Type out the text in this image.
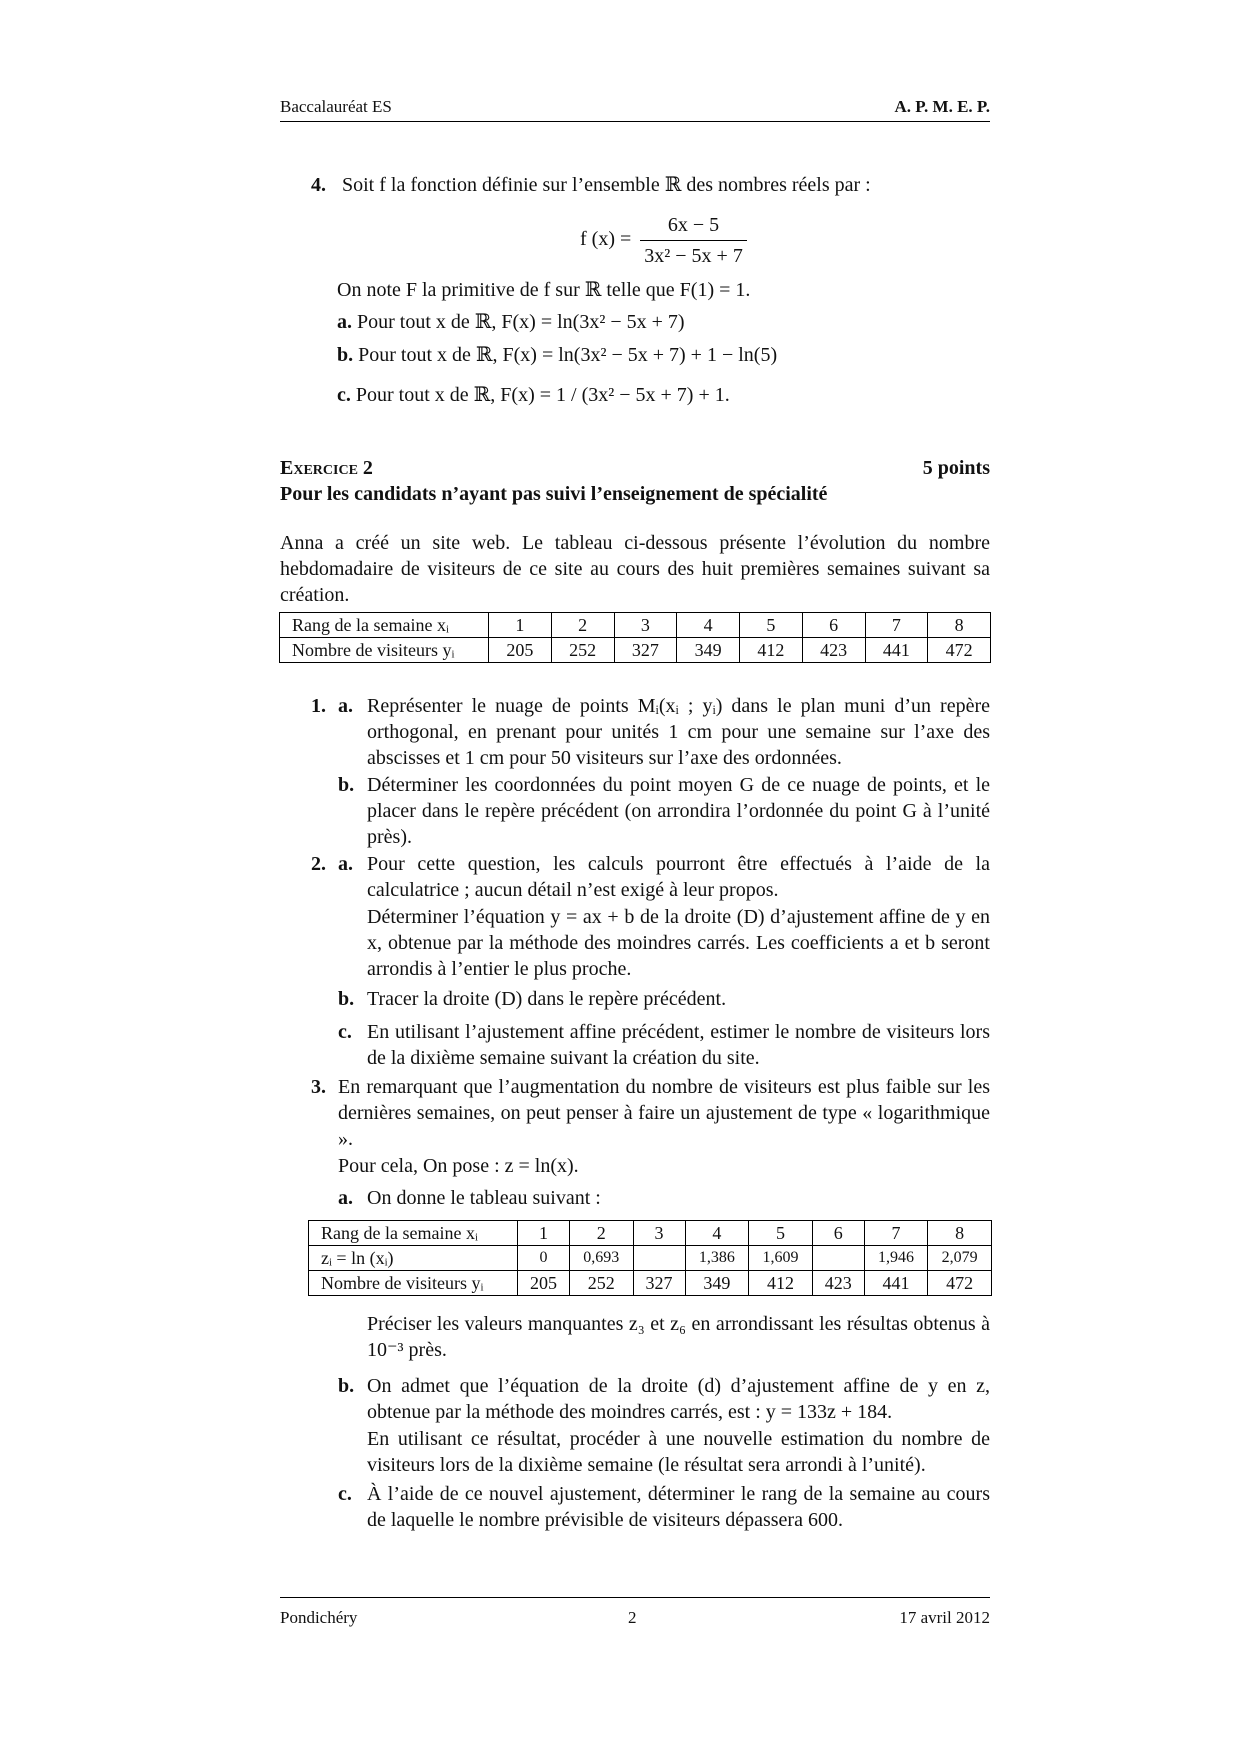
Baccalauréat ES	A. P. M. E. P.
4. Soit f la fonction définie sur l’ensemble ℝ des nombres réels par :
f $(x) = \frac{6x - 5}{\text{3x² − 5x + 7}}$
On note F la primitive de f sur ℝ telle que F(1) = 1.
a. Pour tout x de ℝ, F(x) = ln(3x² − 5x + 7)
b. Pour tout x de ℝ, F(x) = ln(3x² − 5x + 7) + 1 − ln(5)
c. Pour tout x de ℝ, F(x) = 1 / (3x² − 5x + 7) + 1.
Exercice 2	5 points
Pour les candidats n’ayant pas suivi l’enseignement de spécialité
Anna a créé un site web. Le tableau ci-dessous présente l’évolution du nombre hebdomadaire de visiteurs de ce site au cours des huit premières semaines suivant sa création.
Rang de la semaine xᵢ	1	2	3	4	5	6	7	8
Nombre de visiteurs yᵢ	205	252	327	349	412	423	441	472
1. a. Représenter le nuage de points Mᵢ(xᵢ ; yᵢ) dans le plan muni d’un repère orthogonal, en prenant pour unités 1 cm pour une semaine sur l’axe des abscisses et 1 cm pour 50 visiteurs sur l’axe des ordonnées.
b. Déterminer les coordonnées du point moyen G de ce nuage de points, et le placer dans le repère précédent (on arrondira l’ordonnée du point G à l’unité près).
2. a. Pour cette question, les calculs pourront être effectués à l’aide de la calculatrice ; aucun détail n’est exigé à leur propos.
Déterminer l’équation y = ax + b de la droite (D) d’ajustement affine de y en x, obtenue par la méthode des moindres carrés. Les coefficients a et b seront arrondis à l’entier le plus proche.
b. Tracer la droite (D) dans le repère précédent.
c. En utilisant l’ajustement affine précédent, estimer le nombre de visiteurs lors de la dixième semaine suivant la création du site.
3. En remarquant que l’augmentation du nombre de visiteurs est plus faible sur les dernières semaines, on peut penser à faire un ajustement de type « logarithmique ».
Pour cela, On pose : z = ln(x).
a. On donne le tableau suivant :
Rang de la semaine xᵢ	1	2	3	4	5	6	7	8
zᵢ = ln (xᵢ)	0	0,693		1,386	1,609		1,946	2,079
Nombre de visiteurs yᵢ	205	252	327	349	412	423	441	472
Préciser les valeurs manquantes z₃ et z₆ en arrondissant les résultas obtenus à 10⁻³ près.
b. On admet que l’équation de la droite (d) d’ajustement affine de y en z, obtenue par la méthode des moindres carrés, est : y = 133z + 184.
En utilisant ce résultat, procéder à une nouvelle estimation du nombre de visiteurs lors de la dixième semaine (le résultat sera arrondi à l’unité).
c. À l’aide de ce nouvel ajustement, déterminer le rang de la semaine au cours de laquelle le nombre prévisible de visiteurs dépassera 600.
Pondichéry	2	17 avril 2012
